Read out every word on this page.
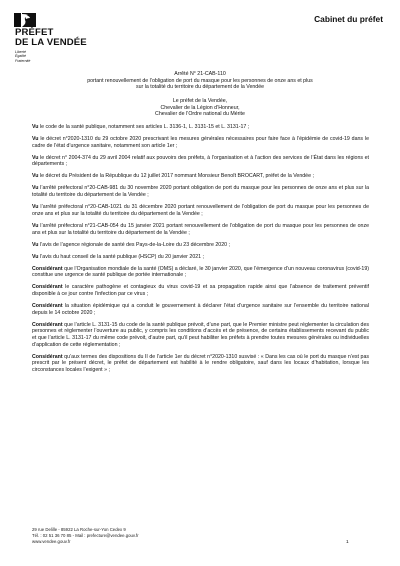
PRÉFET
DE LA VENDÉE
Liberté
Égalité
Fraternité
Cabinet du préfet
Arrêté N° 21-CAB-110
portant renouvellement de l’obligation de port du masque pour les personnes de onze ans et plus
sur la totalité du territoire du département de la Vendée
Le préfet de la Vendée,
Chevalier de la Légion d’Honneur,
Chevalier de l’Ordre national du Mérite
Vu le code de la santé publique, notamment ses articles L. 3136-1, L. 3131-15 et L. 3131-17 ;
Vu le décret n°2020-1310 du 29 octobre 2020 prescrivant les mesures générales nécessaires pour faire face à l’épidémie de covid-19 dans le cadre de l’état d’urgence sanitaire, notamment son article 1er ;
Vu le décret n° 2004-374 du 29 avril 2004 relatif aux pouvoirs des préfets, à l’organisation et à l’action des services de l’État dans les régions et départements ;
Vu le décret du Président de la République du 12 juillet 2017 nommant Monsieur Benoît BROCART, préfet de la Vendée ;
Vu l’arrêté préfectoral n°20-CAB-981 du 30 novembre 2020 portant obligation de port du masque pour les personnes de onze ans et plus sur la totalité du territoire du département de la Vendée ;
Vu l’arrêté préfectoral n°20-CAB-1021 du 31 décembre 2020 portant renouvellement de l’obligation de port du masque pour les personnes de onze ans et plus sur la totalité du territoire du département de la Vendée ;
Vu l’arrêté préfectoral n°21-CAB-054 du 15 janvier 2021 portant renouvellement de l’obligation de port du masque pour les personnes de onze ans et plus sur la totalité du territoire du département de la Vendée ;
Vu l’avis de l’agence régionale de santé des Pays-de-la-Loire du 23 décembre 2020 ;
Vu l’avis du haut conseil de la santé publique (HSCP) du 20 janvier 2021 ;
Considérant que l’Organisation mondiale de la santé (OMS) a déclaré, le 30 janvier 2020, que l’émergence d’un nouveau coronavirus (covid-19) constitue une urgence de santé publique de portée internationale ;
Considérant le caractère pathogène et contagieux du virus covid-19 et sa propagation rapide ainsi que l’absence de traitement préventif disponible à ce jour contre l’infection par ce virus ;
Considérant la situation épidémique qui a conduit le gouvernement à déclarer l’état d’urgence sanitaire sur l’ensemble du territoire national depuis le 14 octobre 2020 ;
Considérant que l’article L. 3131-15 du code de la santé publique prévoit, d’une part, que le Premier ministre peut réglementer la circulation des personnes et réglementer l’ouverture au public, y compris les conditions d’accès et de présence, de certains établissements recevant du public et que l’article L. 3131-17 du même code prévoit, d’autre part, qu’il peut habiliter les préfets à prendre toutes mesures générales ou individuelles d’application de cette réglementation ;
Considérant qu’aux termes des dispositions du II de l’article 1er du décret n°2020-1310 susvisé : « Dans les cas où le port du masque n’est pas prescrit par le présent décret, le préfet de département est habilité à le rendre obligatoire, sauf dans les locaux d’habitation, lorsque les circonstances locales l’exigent » ;
29 rue Delille - 85922 La Roche-sur-Yon Cedex 9
Tél. : 02 51 36 70 85 - Mail : prefecture@vendee.gouv.fr
www.vendee.gouv.fr	1
